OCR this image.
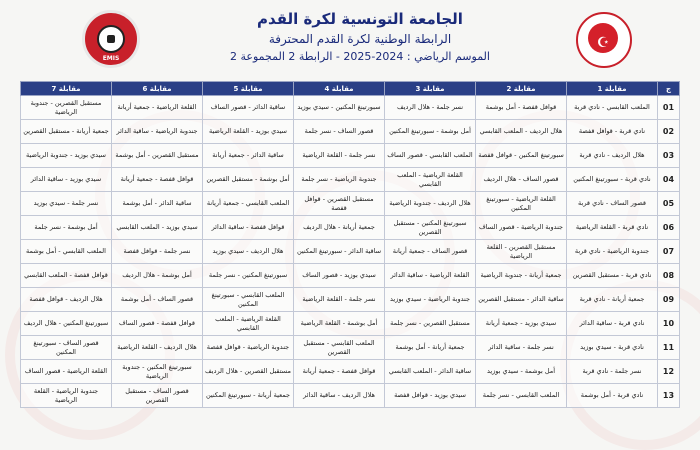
EMIS
الجامعة التونسية لكرة القدم
الرابطة الوطنية لكرة القدم المحترفة
الموسم الرياضي : 2024-2025 - الرابطة 2 المجموعة 2
☪
ج	مقابلة 1	مقابلة 2	مقابلة 3	مقابلة 4	مقابلة 5	مقابلة 6	مقابلة 7
01	الملعب القابسي - نادي قربة	قوافل قفصة - أمل بوشمة	نسر جلمة - هلال الرديف	سبورتينغ المكنين - سيدي بوزيد	ساقية الدائر - قصور الساف	القلعة الرياضية - جمعية أريانة	مستقبل القصرين - جندوبة الرياضية
02	نادي قربة - قوافل قفصة	هلال الرديف - الملعب القابسي	أمل بوشمة - سبورتينغ المكنين	قصور الساف - نسر جلمة	سيدي بوزيد - القلعة الرياضية	جندوبة الرياضية - ساقية الدائر	جمعية أريانة - مستقبل القصرين
03	هلال الرديف - نادي قربة	سبورتينغ المكنين - قوافل قفصة	الملعب القابسي - قصور الساف	نسر جلمة - القلعة الرياضية	ساقية الدائر - جمعية أريانة	مستقبل القصرين - أمل بوشمة	سيدي بوزيد - جندوبة الرياضية
04	نادي قربة - سبورتينغ المكنين	قصور الساف - هلال الرديف	القلعة الرياضية - الملعب القابسي	جندوبة الرياضية - نسر جلمة	أمل بوشمة - مستقبل القصرين	قوافل قفصة - جمعية أريانة	سيدي بوزيد - ساقية الدائر
05	قصور الساف - نادي قربة	القلعة الرياضية - سبورتينغ المكنين	هلال الرديف - جندوبة الرياضية	مستقبل القصرين - قوافل قفصة	الملعب القابسي - جمعية أريانة	ساقية الدائر - أمل بوشمة	نسر جلمة - سيدي بوزيد
06	نادي قربة - القلعة الرياضية	جندوبة الرياضية - قصور الساف	سبورتينغ المكنين - مستقبل القصرين	جمعية أريانة - هلال الرديف	قوافل قفصة - ساقية الدائر	سيدي بوزيد - الملعب القابسي	أمل بوشمة - نسر جلمة
07	جندوبة الرياضية - نادي قربة	مستقبل القصرين - القلعة الرياضية	قصور الساف - جمعية أريانة	ساقية الدائر - سبورتينغ المكنين	هلال الرديف - سيدي بوزيد	نسر جلمة - قوافل قفصة	الملعب القابسي - أمل بوشمة
08	نادي قربة - مستقبل القصرين	جمعية أريانة - جندوبة الرياضية	القلعة الرياضية - ساقية الدائر	سيدي بوزيد - قصور الساف	سبورتينغ المكنين - نسر جلمة	أمل بوشمة - هلال الرديف	قوافل قفصة - الملعب القابسي
09	جمعية أريانة - نادي قربة	ساقية الدائر - مستقبل القصرين	جندوبة الرياضية - سيدي بوزيد	نسر جلمة - القلعة الرياضية	الملعب القابسي - سبورتينغ المكنين	قصور الساف - أمل بوشمة	هلال الرديف - قوافل قفصة
10	نادي قربة - ساقية الدائر	سيدي بوزيد - جمعية أريانة	مستقبل القصرين - نسر جلمة	أمل بوشمة - القلعة الرياضية	القلعة الرياضية - الملعب القابسي	قوافل قفصة - قصور الساف	سبورتينغ المكنين - هلال الرديف
11	نادي قربة - سيدي بوزيد	نسر جلمة - ساقية الدائر	جمعية أريانة - أمل بوشمة	الملعب القابسي - مستقبل القصرين	جندوبة الرياضية - قوافل قفصة	هلال الرديف - القلعة الرياضية	قصور الساف - سبورتينغ المكنين
12	نسر جلمة - نادي قربة	أمل بوشمة - سيدي بوزيد	ساقية الدائر - الملعب القابسي	قوافل قفصة - جمعية أريانة	مستقبل القصرين - هلال الرديف	سبورتينغ المكنين - جندوبة الرياضية	القلعة الرياضية - قصور الساف
13	نادي قربة - أمل بوشمة	الملعب القابسي - نسر جلمة	سيدي بوزيد - قوافل قفصة	هلال الرديف - ساقية الدائر	جمعية أريانة - سبورتينغ المكنين	قصور الساف - مستقبل القصرين	جندوبة الرياضية - القلعة الرياضية
